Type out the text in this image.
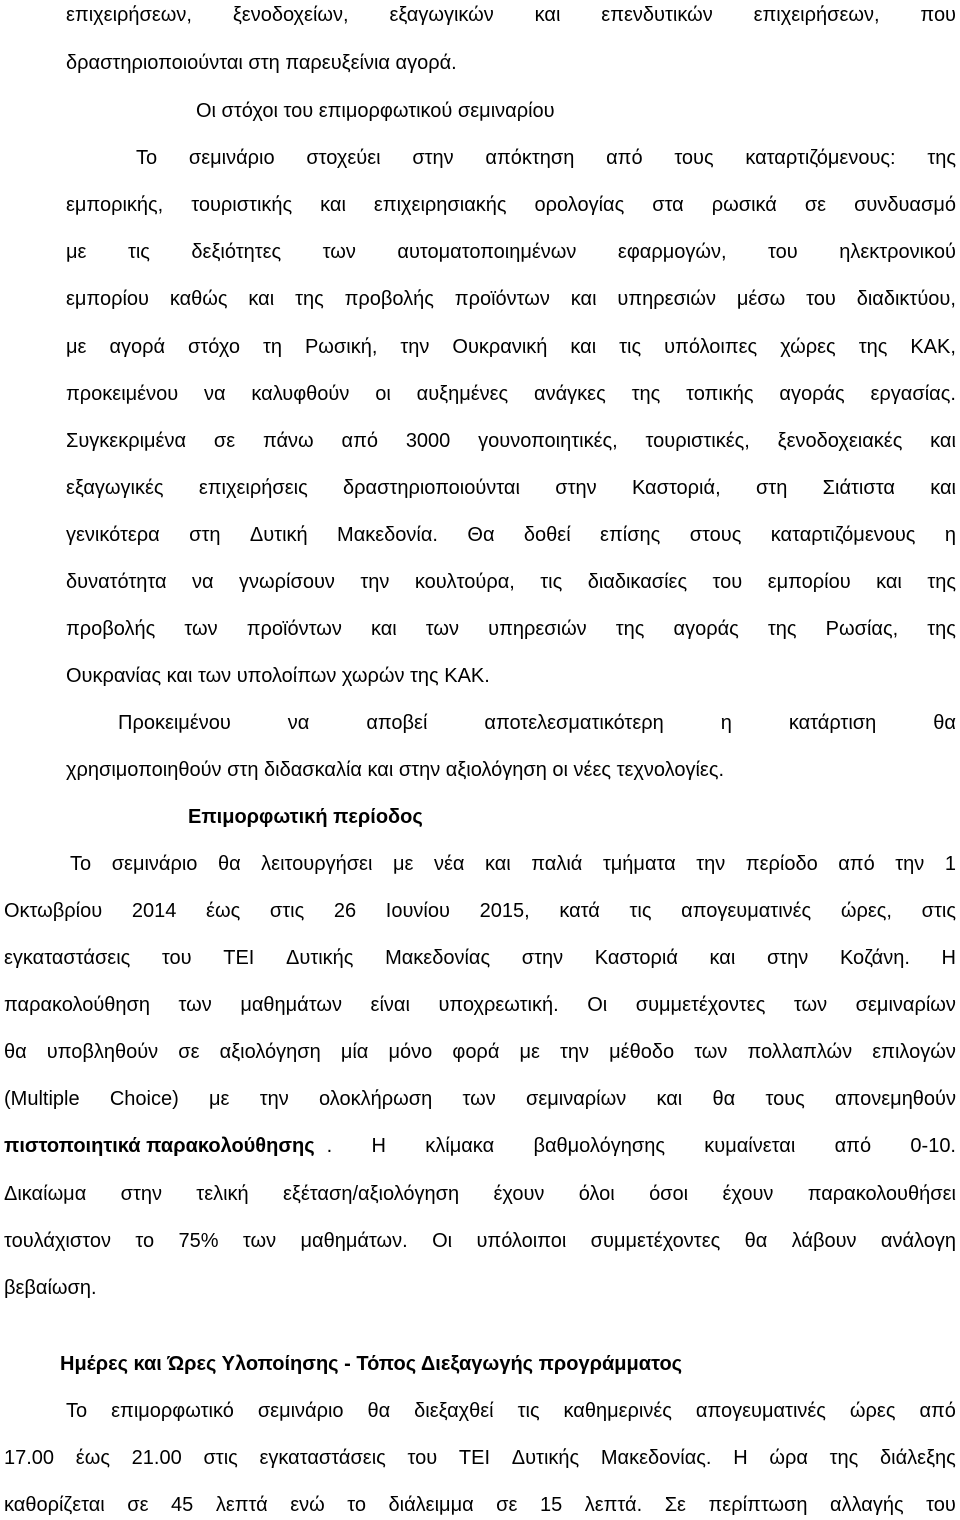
επιχειρήσεων, ξενοδοχείων, εξαγωγικών και επενδυτικών επιχειρήσεων, που
δραστηριοποιούνται στη παρευξείνια αγορά.
Οι στόχοι του επιμορφωτικού σεμιναρίου
Το σεμινάριο στοχεύει στην απόκτηση από τους καταρτιζόμενους: της
εμπορικής, τουριστικής και επιχειρησιακής ορολογίας στα ρωσικά σε συνδυασμό
με τις δεξιότητες των αυτοματοποιημένων εφαρμογών, του ηλεκτρονικού
εμπορίου καθώς και της προβολής προϊόντων και υπηρεσιών μέσω του διαδικτύου,
με αγορά στόχο τη Ρωσική, την Ουκρανική και τις υπόλοιπες χώρες της ΚΑΚ,
προκειμένου να καλυφθούν οι αυξημένες ανάγκες της τοπικής αγοράς εργασίας.
Συγκεκριμένα σε πάνω από 3000 γουνοποιητικές, τουριστικές, ξενοδοχειακές και
εξαγωγικές επιχειρήσεις δραστηριοποιούνται στην Καστοριά, στη Σιάτιστα και
γενικότερα στη Δυτική Μακεδονία. Θα δοθεί επίσης στους καταρτιζόμενους η
δυνατότητα να γνωρίσουν την κουλτούρα, τις διαδικασίες του εμπορίου και της
προβολής των προϊόντων και των υπηρεσιών της αγοράς της Ρωσίας, της
Ουκρανίας και των υπολοίπων χωρών της ΚΑΚ.
Προκειμένου	να	αποβεί	αποτελεσματικότερη	η	κατάρτιση	θα
χρησιμοποιηθούν στη διδασκαλία και στην αξιολόγηση οι νέες τεχνολογίες.
Επιμορφωτική περίοδος
Το σεμινάριο θα λειτουργήσει με νέα και παλιά τμήματα την περίοδο από την 1
Οκτωβρίου 2014 έως στις 26 Ιουνίου 2015, κατά τις απογευματινές ώρες, στις
εγκαταστάσεις του ΤΕΙ Δυτικής Μακεδονίας στην Καστοριά και στην Κοζάνη. Η
παρακολούθηση των μαθημάτων είναι υποχρεωτική. Οι συμμετέχοντες των σεμιναρίων
θα υποβληθούν σε αξιολόγηση μία μόνο φορά με την μέθοδο των πολλαπλών επιλογών
(Multiple Choice) με την ολοκλήρωση των σεμιναρίων και θα τους απονεμηθούν
πιστοποιητικά παρακολούθησης . Η κλίμακα βαθμολόγησης κυμαίνεται από 0-10.
Δικαίωμα στην τελική εξέταση/αξιολόγηση έχουν όλοι όσοι έχουν παρακολουθήσει
τουλάχιστον το 75% των μαθημάτων. Οι υπόλοιποι συμμετέχοντες θα λάβουν ανάλογη
βεβαίωση.
Ημέρες και Ώρες Υλοποίησης - Τόπος Διεξαγωγής προγράμματος
Το επιμορφωτικό σεμινάριο θα διεξαχθεί τις καθημερινές απογευματινές ώρες από
17.00 έως 21.00 στις εγκαταστάσεις του ΤΕΙ Δυτικής Μακεδονίας. Η ώρα της διάλεξης
καθορίζεται σε 45 λεπτά ενώ το διάλειμμα σε 15 λεπτά. Σε περίπτωση αλλαγής του
